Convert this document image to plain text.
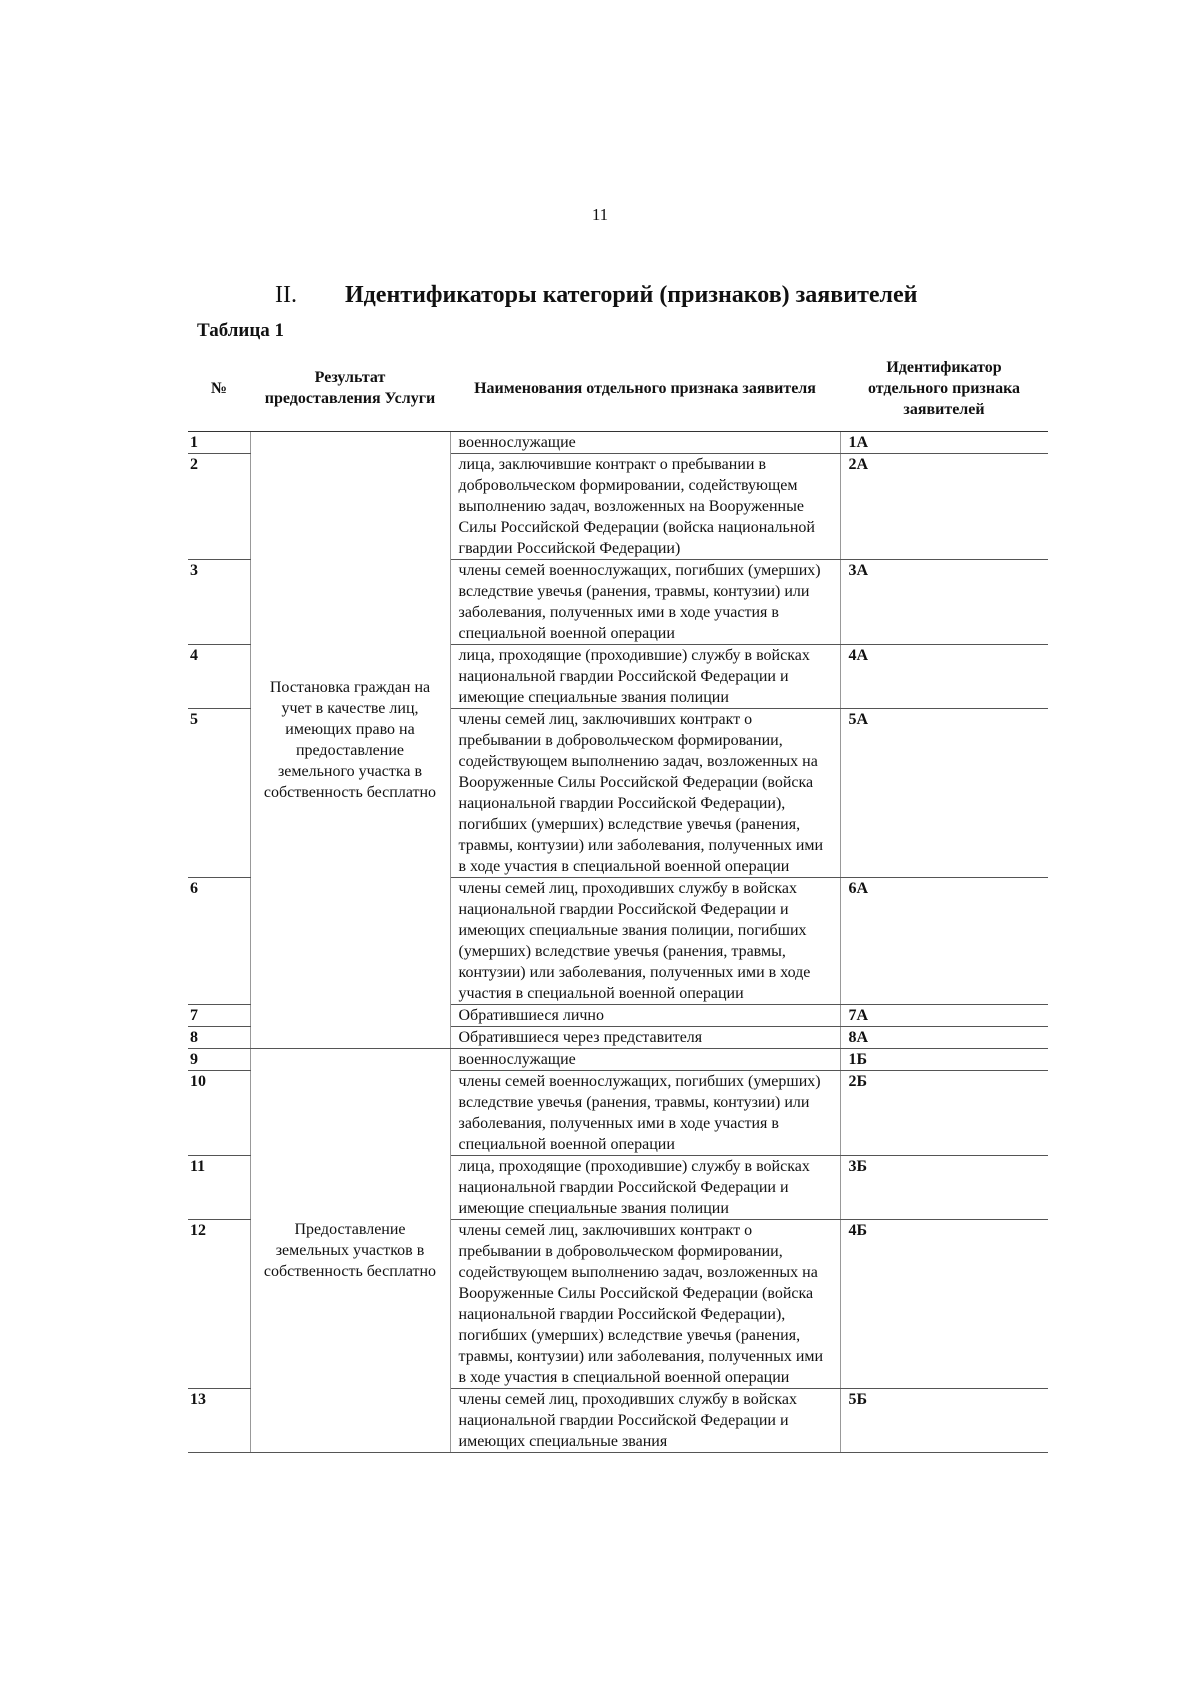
11
II. Идентификаторы категорий (признаков) заявителей
Таблица 1
№	Результат предоставления Услуги	Наименования отдельного признака заявителя	Идентификатор отдельного признака заявителей
1	Постановка граждан на учет в качестве лиц, имеющих право на предоставление земельного участка в собственность бесплатно	военнослужащие	1А
2		лица, заключившие контракт о пребывании в добровольческом формировании, содействующем выполнению задач, возложенных на Вооруженные Силы Российской Федерации (войска национальной гвардии Российской Федерации)	2А
3		члены семей военнослужащих, погибших (умерших) вследствие увечья (ранения, травмы, контузии) или заболевания, полученных ими в ходе участия в специальной военной операции	3А
4		лица, проходящие (проходившие) службу в войсках национальной гвардии Российской Федерации и имеющие специальные звания полиции	4А
5		члены семей лиц, заключивших контракт о пребывании в добровольческом формировании, содействующем выполнению задач, возложенных на Вооруженные Силы Российской Федерации (войска национальной гвардии Российской Федерации), погибших (умерших) вследствие увечья (ранения, травмы, контузии) или заболевания, полученных ими в ходе участия в специальной военной операции	5А
6		члены семей лиц, проходивших службу в войсках национальной гвардии Российской Федерации и имеющих специальные звания полиции, погибших (умерших) вследствие увечья (ранения, травмы, контузии) или заболевания, полученных ими в ходе участия в специальной военной операции	6А
7		Обратившиеся лично	7А
8		Обратившиеся через представителя	8А
9	Предоставление земельных участков в собственность бесплатно	военнослужащие	1Б
10		члены семей военнослужащих, погибших (умерших) вследствие увечья (ранения, травмы, контузии) или заболевания, полученных ими в ходе участия в специальной военной операции	2Б
11		лица, проходящие (проходившие) службу в войсках национальной гвардии Российской Федерации и имеющие специальные звания полиции	3Б
12		члены семей лиц, заключивших контракт о пребывании в добровольческом формировании, содействующем выполнению задач, возложенных на Вооруженные Силы Российской Федерации (войска национальной гвардии Российской Федерации), погибших (умерших) вследствие увечья (ранения, травмы, контузии) или заболевания, полученных ими в ходе участия в специальной военной операции	4Б
13		члены семей лиц, проходивших службу в войсках национальной гвардии Российской Федерации и имеющих специальные звания	5Б
